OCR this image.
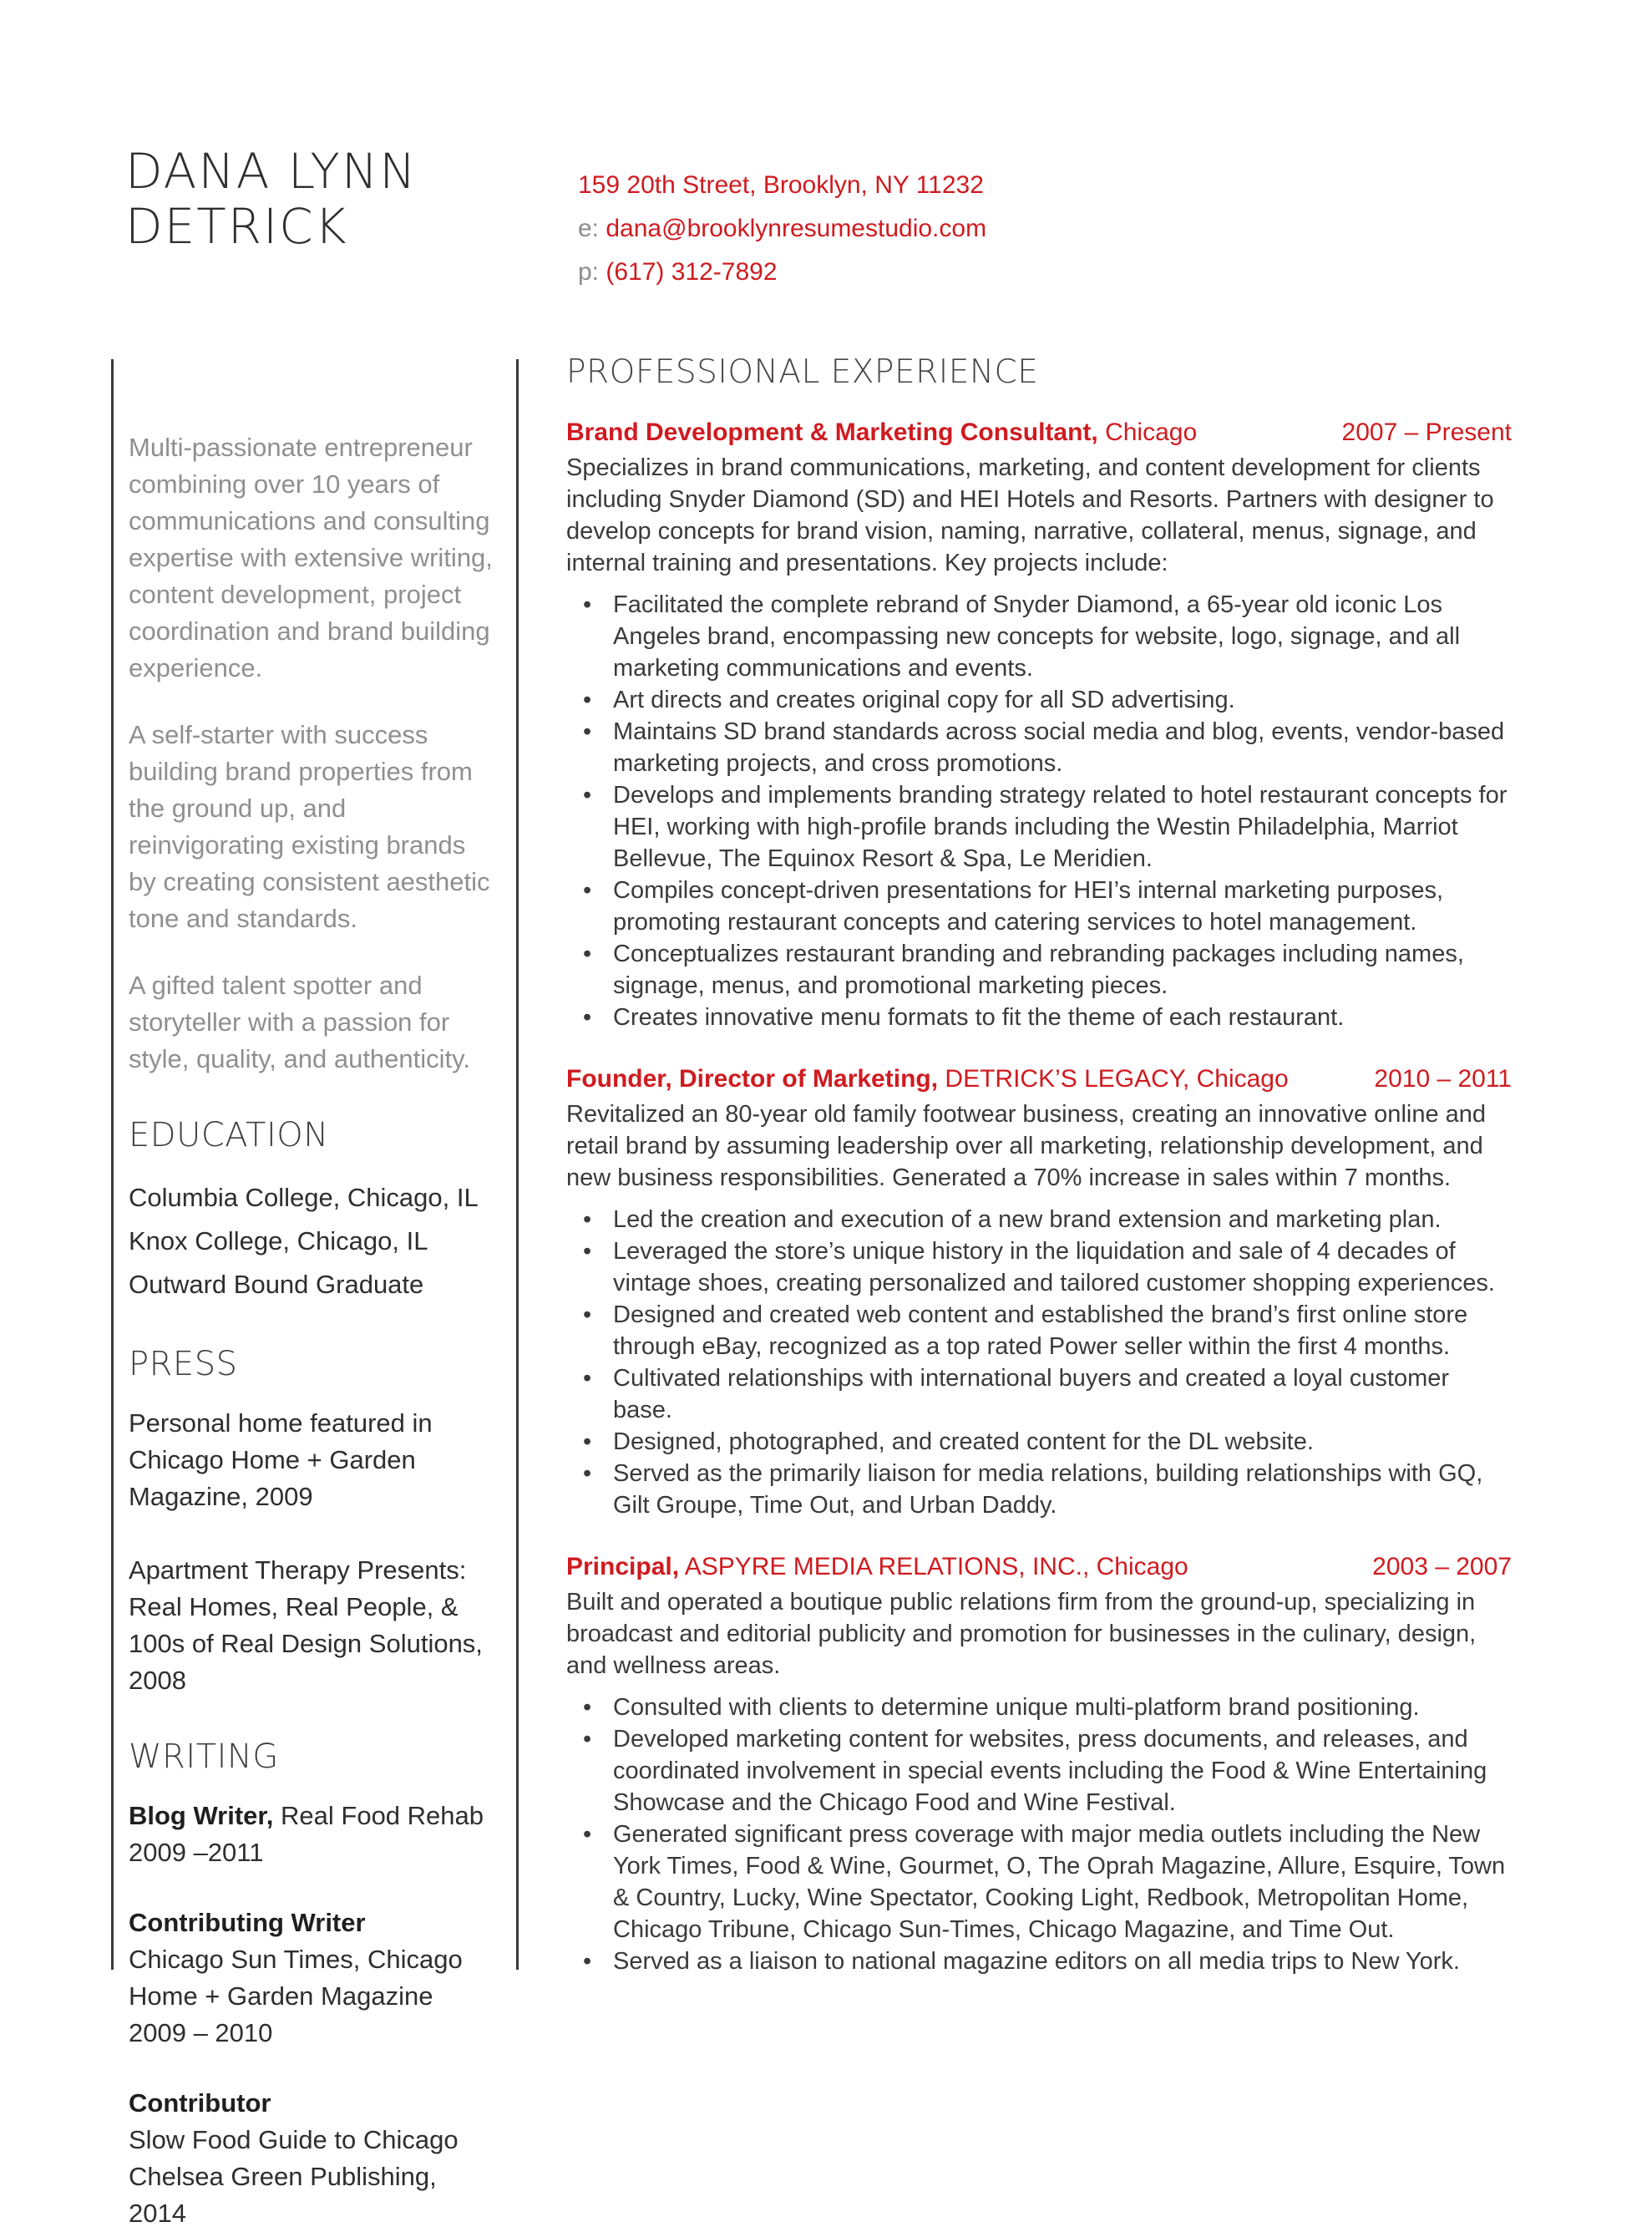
DANA LYNN
DETRICK
159 20th Street, Brooklyn, NY 11232
e: dana@brooklynresumestudio.com
p: (617) 312-7892

Multi-passionate entrepreneur combining over 10 years of communications and consulting expertise with extensive writing, content development, project coordination and brand building experience.

A self-starter with success building brand properties from the ground up, and reinvigorating existing brands by creating consistent aesthetic tone and standards.

A gifted talent spotter and storyteller with a passion for style, quality, and authenticity.

EDUCATION
Columbia College, Chicago, IL
Knox College, Chicago, IL
Outward Bound Graduate
PRESS

Personal home featured in Chicago Home + Garden Magazine, 2009

Apartment Therapy Presents: Real Homes, Real People, & 100s of Real Design Solutions, 2008

WRITING
Blog Writer, Real Food Rehab
2009 –2011
Contributing Writer
Chicago Sun Times, Chicago Home + Garden Magazine
2009 – 2010
Contributor
Slow Food Guide to Chicago
Chelsea Green Publishing, 2014
PROFESSIONAL EXPERIENCE
Brand Development & Marketing Consultant, Chicago	2007 – Present

Specializes in brand communications, marketing, and content development for clients including Snyder Diamond (SD) and HEI Hotels and Resorts. Partners with designer to develop concepts for brand vision, naming, narrative, collateral, menus, signage, and internal training and presentations. Key projects include:

• Facilitated the complete rebrand of Snyder Diamond, a 65-year old iconic Los Angeles brand, encompassing new concepts for website, logo, signage, and all marketing communications and events.
• Art directs and creates original copy for all SD advertising.
• Maintains SD brand standards across social media and blog, events, vendor-based marketing projects, and cross promotions.
• Develops and implements branding strategy related to hotel restaurant concepts for HEI, working with high-profile brands including the Westin Philadelphia, Marriot Bellevue, The Equinox Resort & Spa, Le Meridien.
• Compiles concept-driven presentations for HEI’s internal marketing purposes, promoting restaurant concepts and catering services to hotel management.
• Conceptualizes restaurant branding and rebranding packages including names, signage, menus, and promotional marketing pieces.
• Creates innovative menu formats to fit the theme of each restaurant.
Founder, Director of Marketing, DETRICK’S LEGACY, Chicago	2010 – 2011

Revitalized an 80-year old family footwear business, creating an innovative online and retail brand by assuming leadership over all marketing, relationship development, and new business responsibilities. Generated a 70% increase in sales within 7 months.

• Led the creation and execution of a new brand extension and marketing plan.
• Leveraged the store’s unique history in the liquidation and sale of 4 decades of vintage shoes, creating personalized and tailored customer shopping experiences.
• Designed and created web content and established the brand’s first online store through eBay, recognized as a top rated Power seller within the first 4 months.
• Cultivated relationships with international buyers and created a loyal customer base.
• Designed, photographed, and created content for the DL website.
• Served as the primarily liaison for media relations, building relationships with GQ, Gilt Groupe, Time Out, and Urban Daddy.
Principal, ASPYRE MEDIA RELATIONS, INC., Chicago	2003 – 2007

Built and operated a boutique public relations firm from the ground-up, specializing in broadcast and editorial publicity and promotion for businesses in the culinary, design, and wellness areas.

• Consulted with clients to determine unique multi-platform brand positioning.
• Developed marketing content for websites, press documents, and releases, and coordinated involvement in special events including the Food & Wine Entertaining Showcase and the Chicago Food and Wine Festival.
• Generated significant press coverage with major media outlets including the New York Times, Food & Wine, Gourmet, O, The Oprah Magazine, Allure, Esquire, Town & Country, Lucky, Wine Spectator, Cooking Light, Redbook, Metropolitan Home, Chicago Tribune, Chicago Sun-Times, Chicago Magazine, and Time Out.
• Served as a liaison to national magazine editors on all media trips to New York.
